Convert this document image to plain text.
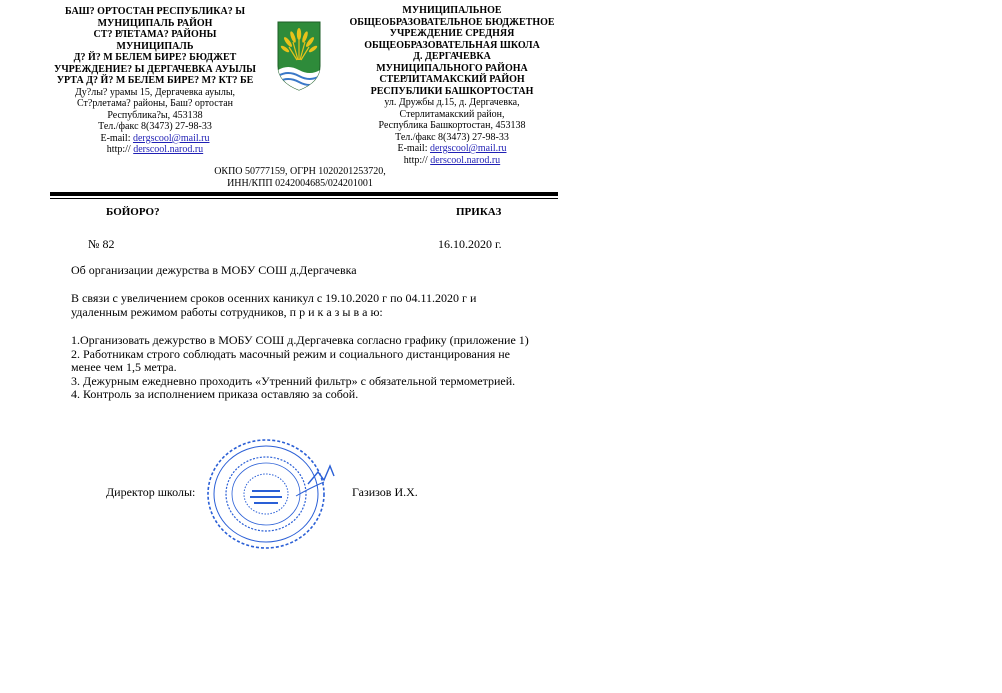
БАШ? ОРТОСТАН РЕСПУБЛИКА? Ы
МУНИЦИПАЛЬ РАЙОН
СТ? РЛЕТАМА? РАЙОНЫ
МУНИЦИПАЛЬ
Д? Й? М БЕЛЕМ БИРЕ? БЮДЖЕТ
УЧРЕЖДЕНИЕ? Ы ДЕРГАЧЕВКА АУЫЛЫ
УРТА Д? Й? М БЕЛЕМ БИРЕ? М? КТ? БЕ
Ду?лы? урамы 15, Дергачевка ауылы,
Ст?рлетама? районы, Баш? ортостан
Республика?ы, 453138
Тел./факс 8(3473) 27-98-33
E-mail: dergscool@mail.ru
http:// derscool.narod.ru
МУНИЦИПАЛЬНОЕ
ОБЩЕОБРАЗОВАТЕЛЬНОЕ БЮДЖЕТНОЕ
УЧРЕЖДЕНИЕ СРЕДНЯЯ
ОБЩЕОБРАЗОВАТЕЛЬНАЯ ШКОЛА
Д. ДЕРГАЧЕВКА
МУНИЦИПАЛЬНОГО РАЙОНА
СТЕРЛИТАМАКСКИЙ РАЙОН
РЕСПУБЛИКИ БАШКОРТОСТАН
ул. Дружбы д.15, д. Дергачевка,
Стерлитамакский район,
Республика Башкортостан, 453138
Тел./факс 8(3473) 27-98-33
E-mail: dergscool@mail.ru
http:// derscool.narod.ru
ОКПО 50777159, ОГРН 1020201253720,
ИНН/КПП 0242004685/024201001
БОЙОРО?	ПРИКАЗ
№ 82	16.10.2020 г.
Об организации дежурства в МОБУ СОШ д.Дергачевка
В связи с увеличением сроков осенних каникул с 19.10.2020 г по 04.11.2020 г и удаленным режимом работы сотрудников, п р и к а з ы в а ю:
1.Организовать дежурство в МОБУ СОШ д.Дергачевка согласно графику (приложение 1)
2. Работникам строго соблюдать масочный режим и социального дистанцирования не менее чем 1,5 метра.
3. Дежурным ежедневно проходить «Утренний фильтр» с обязательной термометрией.
4. Контроль за исполнением приказа оставляю за собой.
Директор школы:	Газизов И.Х.
